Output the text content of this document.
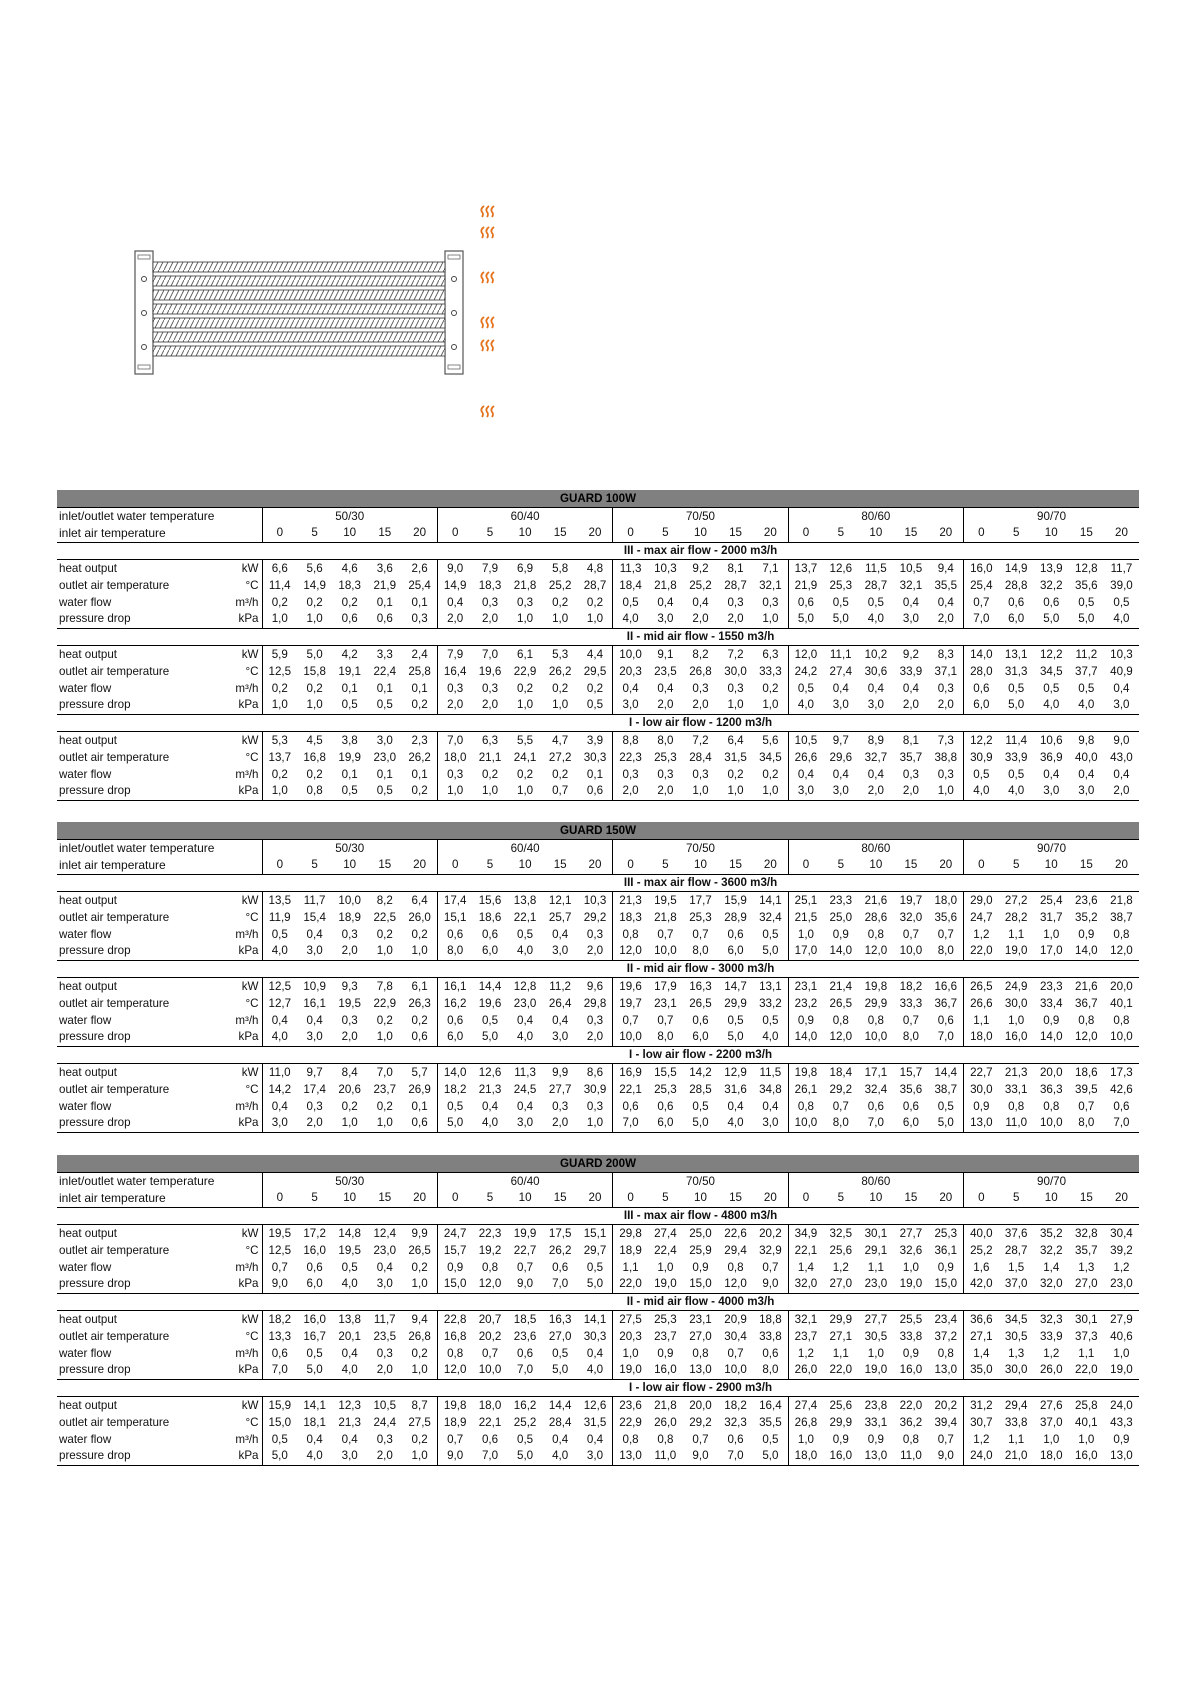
GUARD 100W																										
inlet/outlet water temperature		50/30					60/40					70/50					80/60					90/70				
inlet air temperature		0	5	10	15	20	0	5	10	15	20	0	5	10	15	20	0	5	10	15	20	0	5	10	15	20
		III - max air flow - 2000 m3/h																								
heat output	kW	6,6	5,6	4,6	3,6	2,6	9,0	7,9	6,9	5,8	4,8	11,3	10,3	9,2	8,1	7,1	13,7	12,6	11,5	10,5	9,4	16,0	14,9	13,9	12,8	11,7
outlet air temperature	°C	11,4	14,9	18,3	21,9	25,4	14,9	18,3	21,8	25,2	28,7	18,4	21,8	25,2	28,7	32,1	21,9	25,3	28,7	32,1	35,5	25,4	28,8	32,2	35,6	39,0
water flow	m³/h	0,2	0,2	0,2	0,1	0,1	0,4	0,3	0,3	0,2	0,2	0,5	0,4	0,4	0,3	0,3	0,6	0,5	0,5	0,4	0,4	0,7	0,6	0,6	0,5	0,5
pressure drop	kPa	1,0	1,0	0,6	0,6	0,3	2,0	2,0	1,0	1,0	1,0	4,0	3,0	2,0	2,0	1,0	5,0	5,0	4,0	3,0	2,0	7,0	6,0	5,0	5,0	4,0
		II - mid air flow - 1550 m3/h																								
heat output	kW	5,9	5,0	4,2	3,3	2,4	7,9	7,0	6,1	5,3	4,4	10,0	9,1	8,2	7,2	6,3	12,0	11,1	10,2	9,2	8,3	14,0	13,1	12,2	11,2	10,3
outlet air temperature	°C	12,5	15,8	19,1	22,4	25,8	16,4	19,6	22,9	26,2	29,5	20,3	23,5	26,8	30,0	33,3	24,2	27,4	30,6	33,9	37,1	28,0	31,3	34,5	37,7	40,9
water flow	m³/h	0,2	0,2	0,1	0,1	0,1	0,3	0,3	0,2	0,2	0,2	0,4	0,4	0,3	0,3	0,2	0,5	0,4	0,4	0,4	0,3	0,6	0,5	0,5	0,5	0,4
pressure drop	kPa	1,0	1,0	0,5	0,5	0,2	2,0	2,0	1,0	1,0	0,5	3,0	2,0	2,0	1,0	1,0	4,0	3,0	3,0	2,0	2,0	6,0	5,0	4,0	4,0	3,0
		I - low air flow - 1200 m3/h																								
heat output	kW	5,3	4,5	3,8	3,0	2,3	7,0	6,3	5,5	4,7	3,9	8,8	8,0	7,2	6,4	5,6	10,5	9,7	8,9	8,1	7,3	12,2	11,4	10,6	9,8	9,0
outlet air temperature	°C	13,7	16,8	19,9	23,0	26,2	18,0	21,1	24,1	27,2	30,3	22,3	25,3	28,4	31,5	34,5	26,6	29,6	32,7	35,7	38,8	30,9	33,9	36,9	40,0	43,0
water flow	m³/h	0,2	0,2	0,1	0,1	0,1	0,3	0,2	0,2	0,2	0,1	0,3	0,3	0,3	0,2	0,2	0,4	0,4	0,4	0,3	0,3	0,5	0,5	0,4	0,4	0,4
pressure drop	kPa	1,0	0,8	0,5	0,5	0,2	1,0	1,0	1,0	0,7	0,6	2,0	2,0	1,0	1,0	1,0	3,0	3,0	2,0	2,0	1,0	4,0	4,0	3,0	3,0	2,0
GUARD 150W																										
inlet/outlet water temperature		50/30					60/40					70/50					80/60					90/70				
inlet air temperature		0	5	10	15	20	0	5	10	15	20	0	5	10	15	20	0	5	10	15	20	0	5	10	15	20
		III - max air flow - 3600 m3/h																								
heat output	kW	13,5	11,7	10,0	8,2	6,4	17,4	15,6	13,8	12,1	10,3	21,3	19,5	17,7	15,9	14,1	25,1	23,3	21,6	19,7	18,0	29,0	27,2	25,4	23,6	21,8
outlet air temperature	°C	11,9	15,4	18,9	22,5	26,0	15,1	18,6	22,1	25,7	29,2	18,3	21,8	25,3	28,9	32,4	21,5	25,0	28,6	32,0	35,6	24,7	28,2	31,7	35,2	38,7
water flow	m³/h	0,5	0,4	0,3	0,2	0,2	0,6	0,6	0,5	0,4	0,3	0,8	0,7	0,7	0,6	0,5	1,0	0,9	0,8	0,7	0,7	1,2	1,1	1,0	0,9	0,8
pressure drop	kPa	4,0	3,0	2,0	1,0	1,0	8,0	6,0	4,0	3,0	2,0	12,0	10,0	8,0	6,0	5,0	17,0	14,0	12,0	10,0	8,0	22,0	19,0	17,0	14,0	12,0
		II - mid air flow - 3000 m3/h																								
heat output	kW	12,5	10,9	9,3	7,8	6,1	16,1	14,4	12,8	11,2	9,6	19,6	17,9	16,3	14,7	13,1	23,1	21,4	19,8	18,2	16,6	26,5	24,9	23,3	21,6	20,0
outlet air temperature	°C	12,7	16,1	19,5	22,9	26,3	16,2	19,6	23,0	26,4	29,8	19,7	23,1	26,5	29,9	33,2	23,2	26,5	29,9	33,3	36,7	26,6	30,0	33,4	36,7	40,1
water flow	m³/h	0,4	0,4	0,3	0,2	0,2	0,6	0,5	0,4	0,4	0,3	0,7	0,7	0,6	0,5	0,5	0,9	0,8	0,8	0,7	0,6	1,1	1,0	0,9	0,8	0,8
pressure drop	kPa	4,0	3,0	2,0	1,0	0,6	6,0	5,0	4,0	3,0	2,0	10,0	8,0	6,0	5,0	4,0	14,0	12,0	10,0	8,0	7,0	18,0	16,0	14,0	12,0	10,0
		I - low air flow - 2200 m3/h																								
heat output	kW	11,0	9,7	8,4	7,0	5,7	14,0	12,6	11,3	9,9	8,6	16,9	15,5	14,2	12,9	11,5	19,8	18,4	17,1	15,7	14,4	22,7	21,3	20,0	18,6	17,3
outlet air temperature	°C	14,2	17,4	20,6	23,7	26,9	18,2	21,3	24,5	27,7	30,9	22,1	25,3	28,5	31,6	34,8	26,1	29,2	32,4	35,6	38,7	30,0	33,1	36,3	39,5	42,6
water flow	m³/h	0,4	0,3	0,2	0,2	0,1	0,5	0,4	0,4	0,3	0,3	0,6	0,6	0,5	0,4	0,4	0,8	0,7	0,6	0,6	0,5	0,9	0,8	0,8	0,7	0,6
pressure drop	kPa	3,0	2,0	1,0	1,0	0,6	5,0	4,0	3,0	2,0	1,0	7,0	6,0	5,0	4,0	3,0	10,0	8,0	7,0	6,0	5,0	13,0	11,0	10,0	8,0	7,0
GUARD 200W																										
inlet/outlet water temperature		50/30					60/40					70/50					80/60					90/70				
inlet air temperature		0	5	10	15	20	0	5	10	15	20	0	5	10	15	20	0	5	10	15	20	0	5	10	15	20
		III - max air flow - 4800 m3/h																								
heat output	kW	19,5	17,2	14,8	12,4	9,9	24,7	22,3	19,9	17,5	15,1	29,8	27,4	25,0	22,6	20,2	34,9	32,5	30,1	27,7	25,3	40,0	37,6	35,2	32,8	30,4
outlet air temperature	°C	12,5	16,0	19,5	23,0	26,5	15,7	19,2	22,7	26,2	29,7	18,9	22,4	25,9	29,4	32,9	22,1	25,6	29,1	32,6	36,1	25,2	28,7	32,2	35,7	39,2
water flow	m³/h	0,7	0,6	0,5	0,4	0,2	0,9	0,8	0,7	0,6	0,5	1,1	1,0	0,9	0,8	0,7	1,4	1,2	1,1	1,0	0,9	1,6	1,5	1,4	1,3	1,2
pressure drop	kPa	9,0	6,0	4,0	3,0	1,0	15,0	12,0	9,0	7,0	5,0	22,0	19,0	15,0	12,0	9,0	32,0	27,0	23,0	19,0	15,0	42,0	37,0	32,0	27,0	23,0
		II - mid air flow - 4000 m3/h																								
heat output	kW	18,2	16,0	13,8	11,7	9,4	22,8	20,7	18,5	16,3	14,1	27,5	25,3	23,1	20,9	18,8	32,1	29,9	27,7	25,5	23,4	36,6	34,5	32,3	30,1	27,9
outlet air temperature	°C	13,3	16,7	20,1	23,5	26,8	16,8	20,2	23,6	27,0	30,3	20,3	23,7	27,0	30,4	33,8	23,7	27,1	30,5	33,8	37,2	27,1	30,5	33,9	37,3	40,6
water flow	m³/h	0,6	0,5	0,4	0,3	0,2	0,8	0,7	0,6	0,5	0,4	1,0	0,9	0,8	0,7	0,6	1,2	1,1	1,0	0,9	0,8	1,4	1,3	1,2	1,1	1,0
pressure drop	kPa	7,0	5,0	4,0	2,0	1,0	12,0	10,0	7,0	5,0	4,0	19,0	16,0	13,0	10,0	8,0	26,0	22,0	19,0	16,0	13,0	35,0	30,0	26,0	22,0	19,0
		I - low air flow - 2900 m3/h																								
heat output	kW	15,9	14,1	12,3	10,5	8,7	19,8	18,0	16,2	14,4	12,6	23,6	21,8	20,0	18,2	16,4	27,4	25,6	23,8	22,0	20,2	31,2	29,4	27,6	25,8	24,0
outlet air temperature	°C	15,0	18,1	21,3	24,4	27,5	18,9	22,1	25,2	28,4	31,5	22,9	26,0	29,2	32,3	35,5	26,8	29,9	33,1	36,2	39,4	30,7	33,8	37,0	40,1	43,3
water flow	m³/h	0,5	0,4	0,4	0,3	0,2	0,7	0,6	0,5	0,4	0,4	0,8	0,8	0,7	0,6	0,5	1,0	0,9	0,9	0,8	0,7	1,2	1,1	1,0	1,0	0,9
pressure drop	kPa	5,0	4,0	3,0	2,0	1,0	9,0	7,0	5,0	4,0	3,0	13,0	11,0	9,0	7,0	5,0	18,0	16,0	13,0	11,0	9,0	24,0	21,0	18,0	16,0	13,0
